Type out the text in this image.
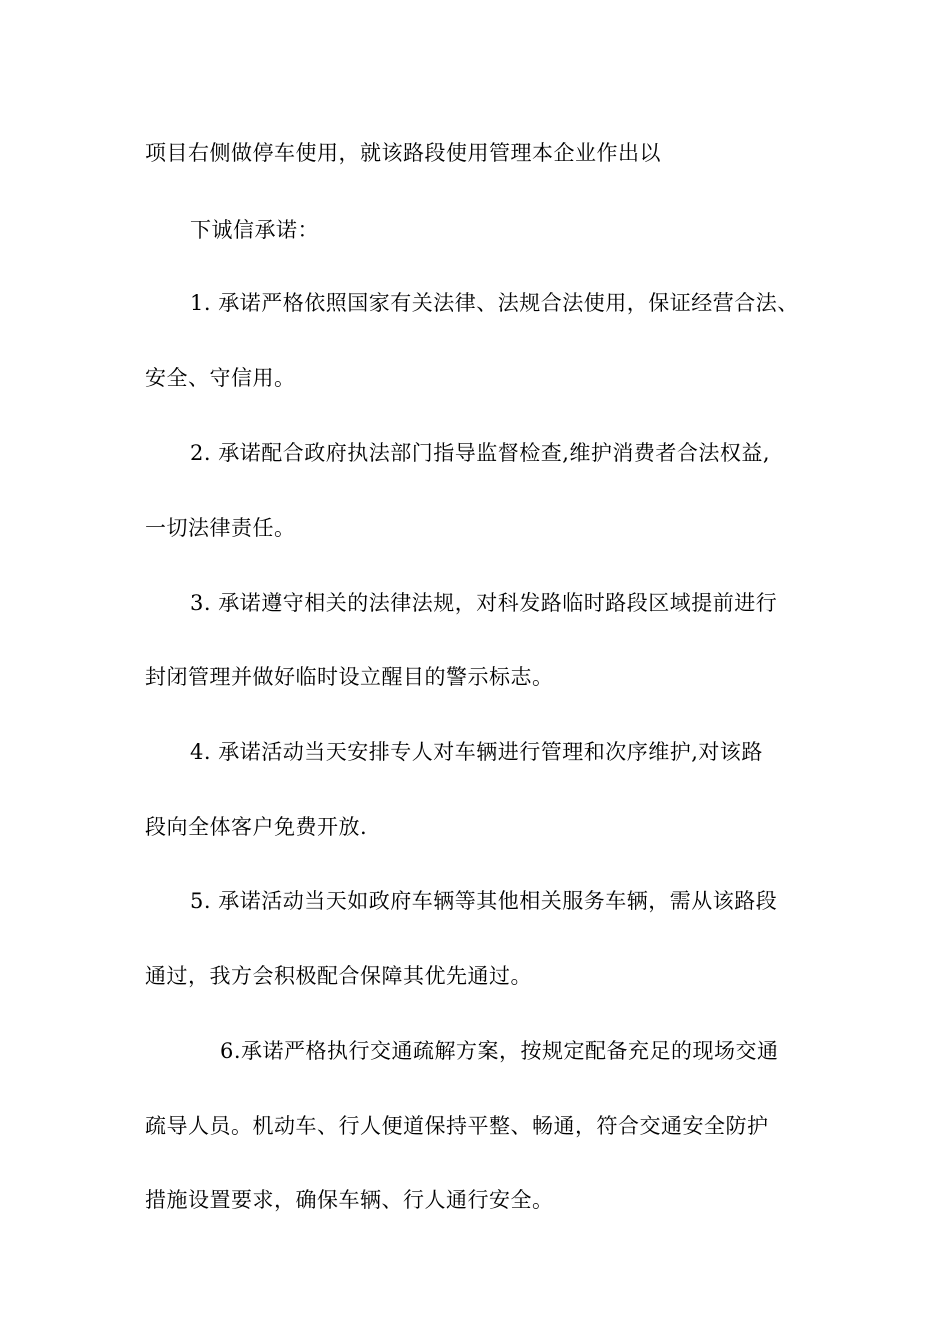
项目右侧做停车使用，就该路段使用管理本企业作出以
下诚信承诺：
1. 承诺严格依照国家有关法律、法规合法使用，保证经营合法、
安全、守信用。
2. 承诺配合政府执法部门指导监督检查,维护消费者合法权益,
一切法律责任。
3. 承诺遵守相关的法律法规，对科发路临时路段区域提前进行
封闭管理并做好临时设立醒目的警示标志。
4. 承诺活动当天安排专人对车辆进行管理和次序维护,对该路
段向全体客户免费开放.
5. 承诺活动当天如政府车辆等其他相关服务车辆，需从该路段
通过，我方会积极配合保障其优先通过。
6.承诺严格执行交通疏解方案，按规定配备充足的现场交通
疏导人员。机动车、行人便道保持平整、畅通，符合交通安全防护
措施设置要求，确保车辆、行人通行安全。
